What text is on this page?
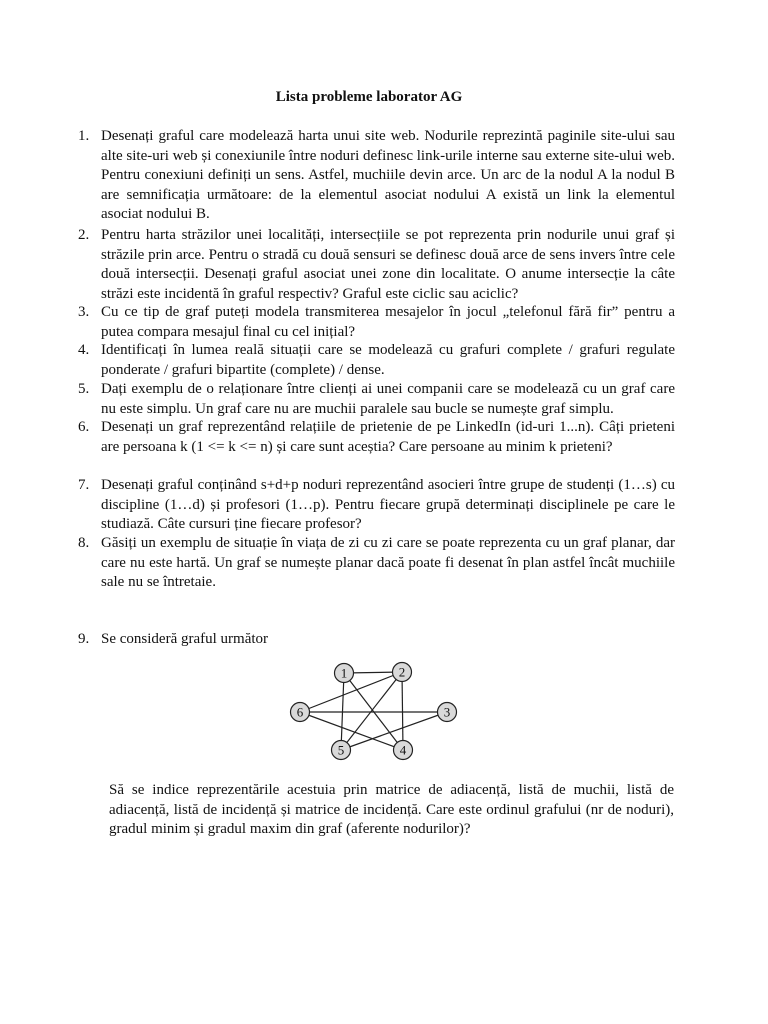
Lista probleme laborator AG
1. Desenați graful care modelează harta unui site web. Nodurile reprezintă paginile site-ului sau alte site-uri web și conexiunile între noduri definesc link-urile interne sau externe site-ului web. Pentru conexiuni definiți un sens. Astfel, muchiile devin arce. Un arc de la nodul A la nodul B are semnificația următoare: de la elementul asociat nodului A există un link la elementul asociat nodului B.
2. Pentru harta străzilor unei localități, intersecțiile se pot reprezenta prin nodurile unui graf și străzile prin arce. Pentru o stradă cu două sensuri se definesc două arce de sens invers între cele două intersecții. Desenați graful asociat unei zone din localitate. O anume intersecție la câte străzi este incidentă în graful respectiv? Graful este ciclic sau aciclic?
3. Cu ce tip de graf puteți modela transmiterea mesajelor în jocul „telefonul fără fir” pentru a putea compara mesajul final cu cel inițial?
4. Identificați în lumea reală situații care se modelează cu grafuri complete / grafuri regulate ponderate / grafuri bipartite (complete) / dense.
5. Dați exemplu de o relaționare între clienți ai unei companii care se modelează cu un graf care nu este simplu. Un graf care nu are muchii paralele sau bucle se numește graf simplu.
6. Desenați un graf reprezentând relațiile de prietenie de pe LinkedIn (id-uri 1...n). Câți prieteni are persoana k (1 <= k <= n) și care sunt aceștia? Care persoane au minim k prieteni?
7. Desenați graful conținând s+d+p noduri reprezentând asocieri între grupe de studenți (1…s) cu discipline (1…d) și profesori (1…p). Pentru fiecare grupă determinați disciplinele pe care le studiază. Câte cursuri ține fiecare profesor?
8. Găsiți un exemplu de situație în viața de zi cu zi care se poate reprezenta cu un graf planar, dar care nu este hartă. Un graf se numește planar dacă poate fi desenat în plan astfel încât muchiile sale nu se întretaie.
9. Se consideră graful următor
1	2
3
4
5
6
Să se indice reprezentările acestuia prin matrice de adiacență, listă de muchii, listă de adiacență, listă de incidență și matrice de incidență. Care este ordinul grafului (nr de noduri), gradul minim și gradul maxim din graf (aferente nodurilor)?
